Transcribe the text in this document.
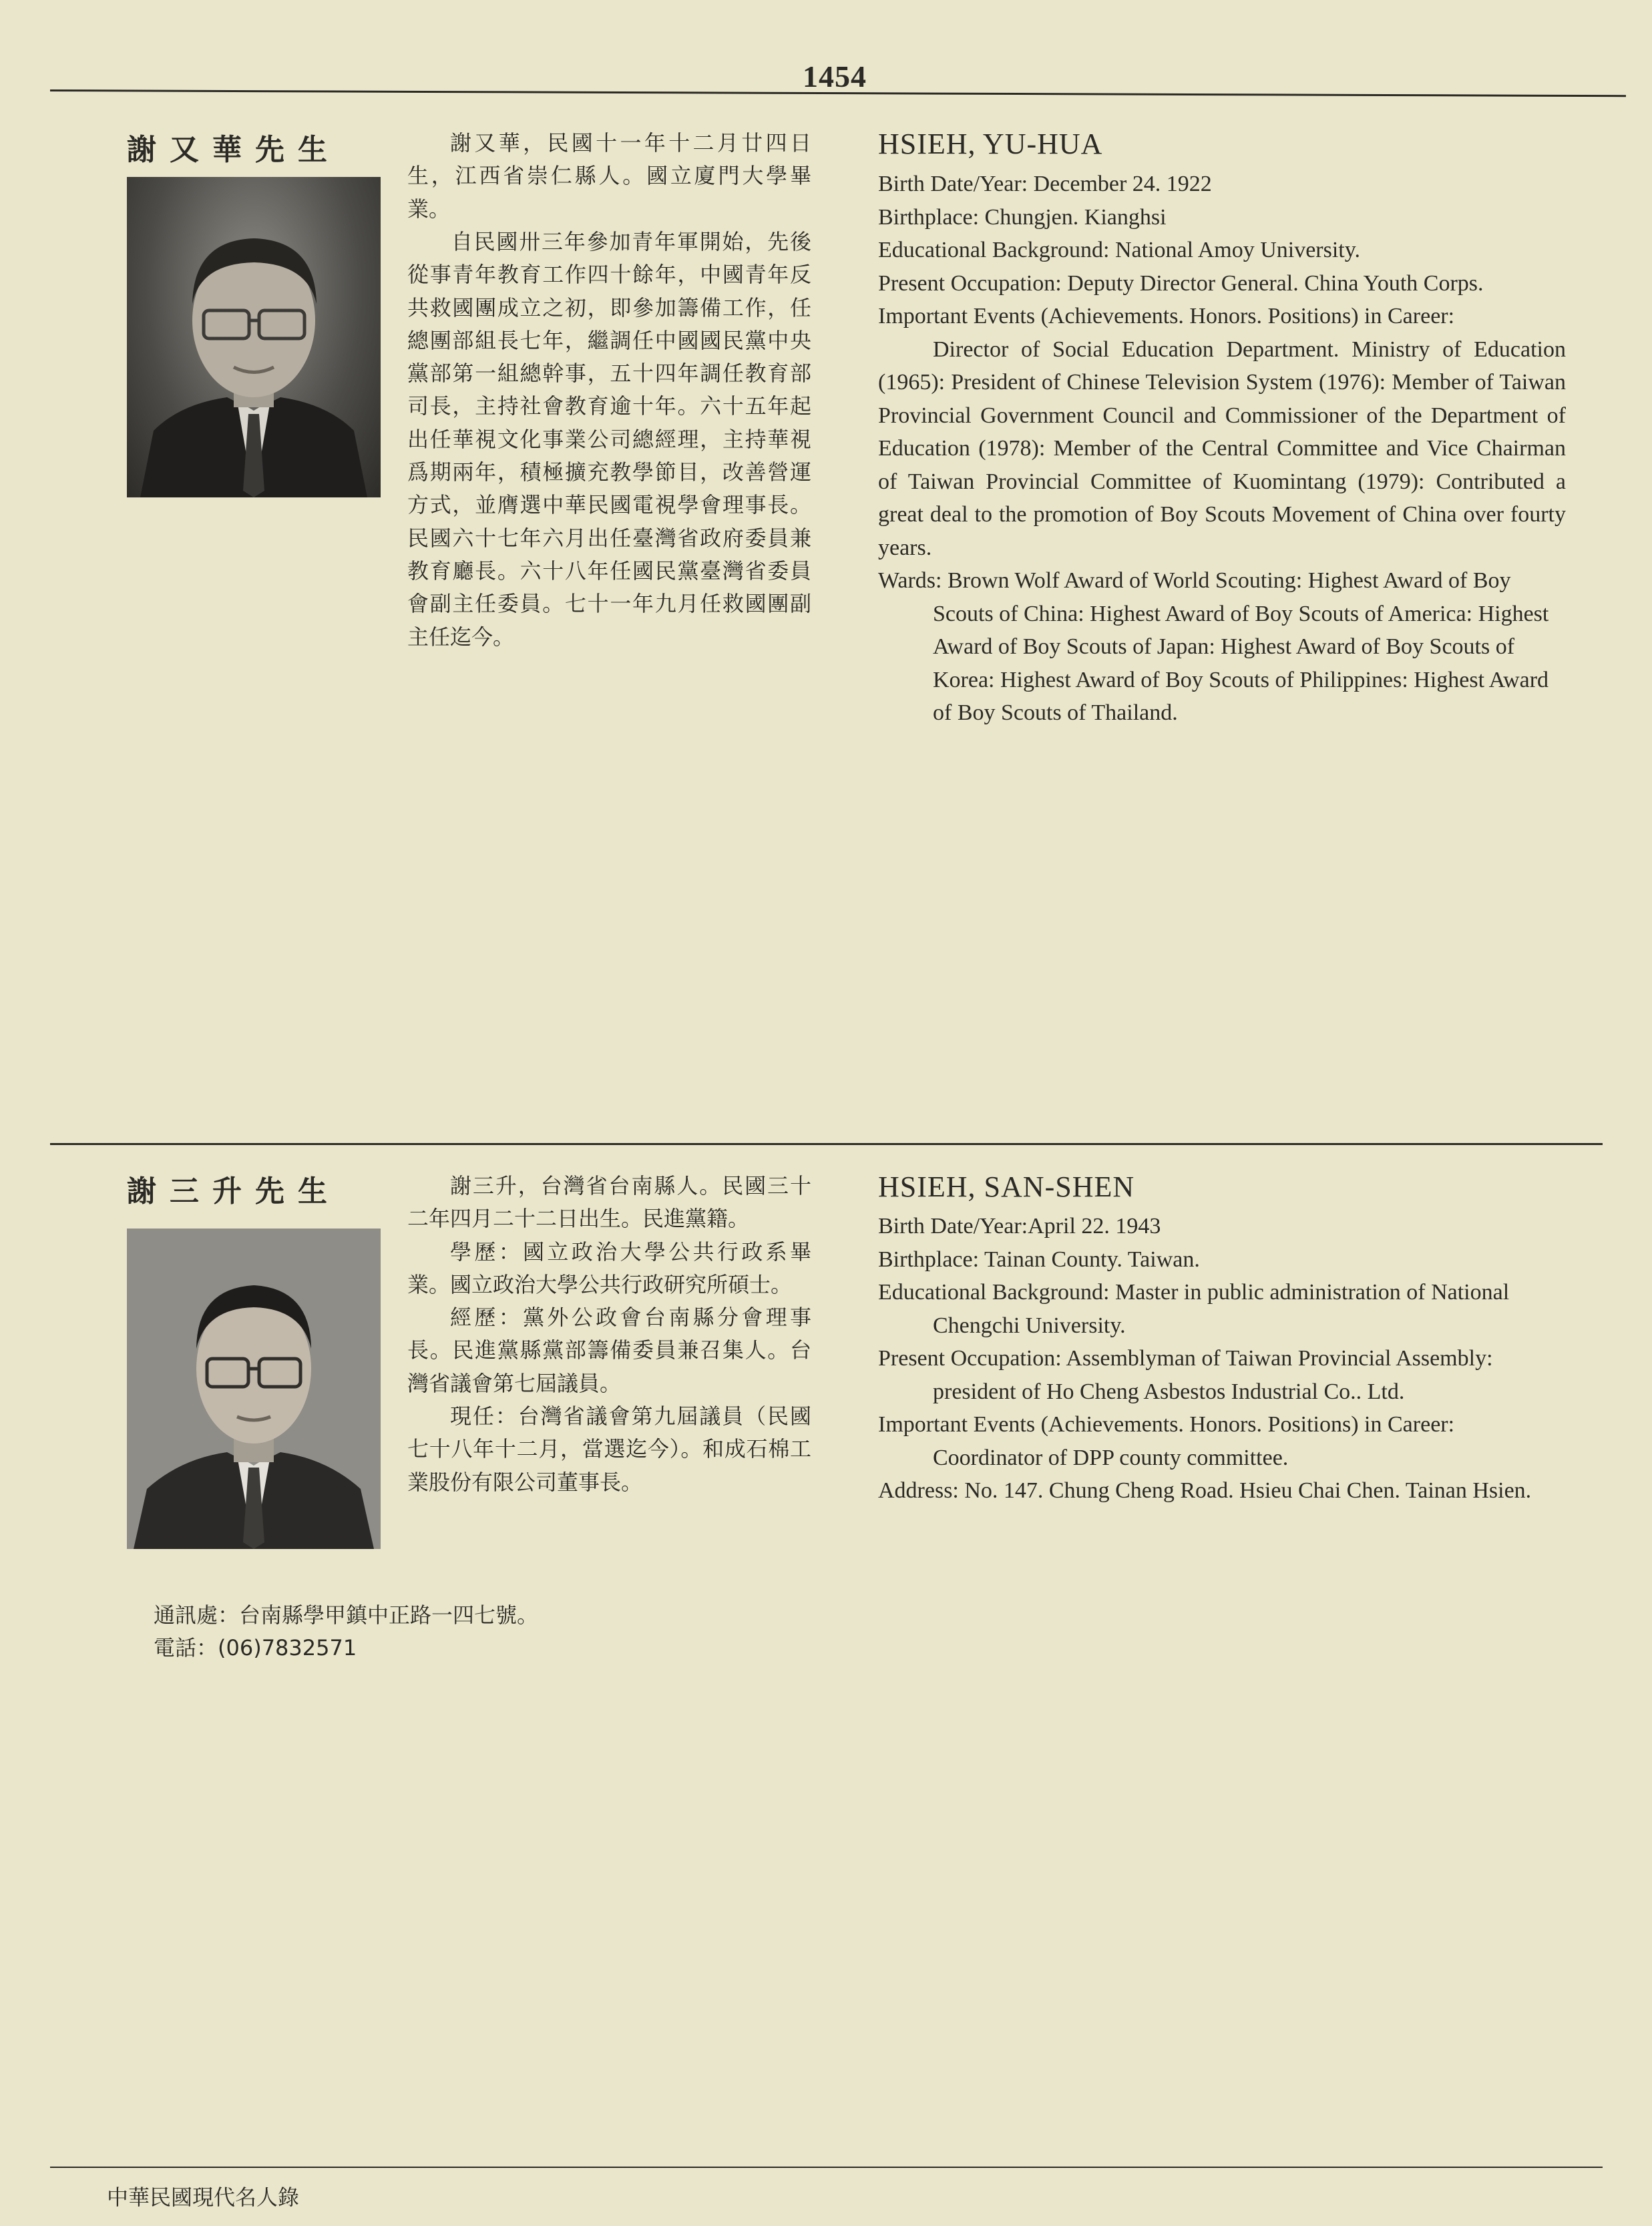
1454
謝又華先生	謝又華，民國十一年十二月廿四日生，江西省崇仁縣人。國立廈門大學畢業。

自民國卅三年參加青年軍開始，先後從事青年教育工作四十餘年，中國青年反共救國團成立之初，即參加籌備工作，任總團部組長七年，繼調任中國國民黨中央黨部第一組總幹事，五十四年調任教育部司長，主持社會教育逾十年。六十五年起出任華視文化事業公司總經理，主持華視爲期兩年，積極擴充教學節目，改善營運方式，並膺選中華民國電視學會理事長。民國六十七年六月出任臺灣省政府委員兼教育廳長。六十八年任國民黨臺灣省委員會副主任委員。七十一年九月任救國團副主任迄今。

HSIEH, YU-HUA

Birth Date/Year: December 24. 1922

Birthplace: Chungjen. Kianghsi

Educational Background: National Amoy University.

Present Occupation: Deputy Director General. China Youth Corps.

Important Events (Achievements. Honors. Positions) in Career:

Director of Social Education Department. Ministry of Education (1965): President of Chinese Television System (1976): Member of Taiwan Provincial Government Council and Commissioner of the Department of Education (1978): Member of the Central Committee and Vice Chairman of Taiwan Provincial Committee of Kuomintang (1979): Contributed a great deal to the promotion of Boy Scouts Movement of China over fourty years.

Wards: Brown Wolf Award of World Scouting: Highest Award of Boy Scouts of China: Highest Award of Boy Scouts of America: Highest Award of Boy Scouts of Japan: Highest Award of Boy Scouts of Korea: Highest Award of Boy Scouts of Philippines: Highest Award of Boy Scouts of Thailand.

謝三升先生	謝三升，台灣省台南縣人。民國三十二年四月二十二日出生。民進黨籍。

學歷：國立政治大學公共行政系畢業。國立政治大學公共行政研究所碩士。

經歷：黨外公政會台南縣分會理事長。民進黨縣黨部籌備委員兼召集人。台灣省議會第七屆議員。

現任：台灣省議會第九屆議員（民國七十八年十二月，當選迄今）。和成石棉工業股份有限公司董事長。

通訊處：台南縣學甲鎮中正路一四七號。

電話：(06)7832571

HSIEH, SAN-SHEN

Birth Date/Year:April 22. 1943

Birthplace: Tainan County. Taiwan.

Educational Background: Master in public administration of National Chengchi University.

Present Occupation: Assemblyman of Taiwan Provincial Assembly: president of Ho Cheng Asbestos Industrial Co.. Ltd.

Important Events (Achievements. Honors. Positions) in Career:

Coordinator of DPP county committee.

Address: No. 147. Chung Cheng Road. Hsieu Chai Chen. Tainan Hsien.

中華民國現代名人錄
